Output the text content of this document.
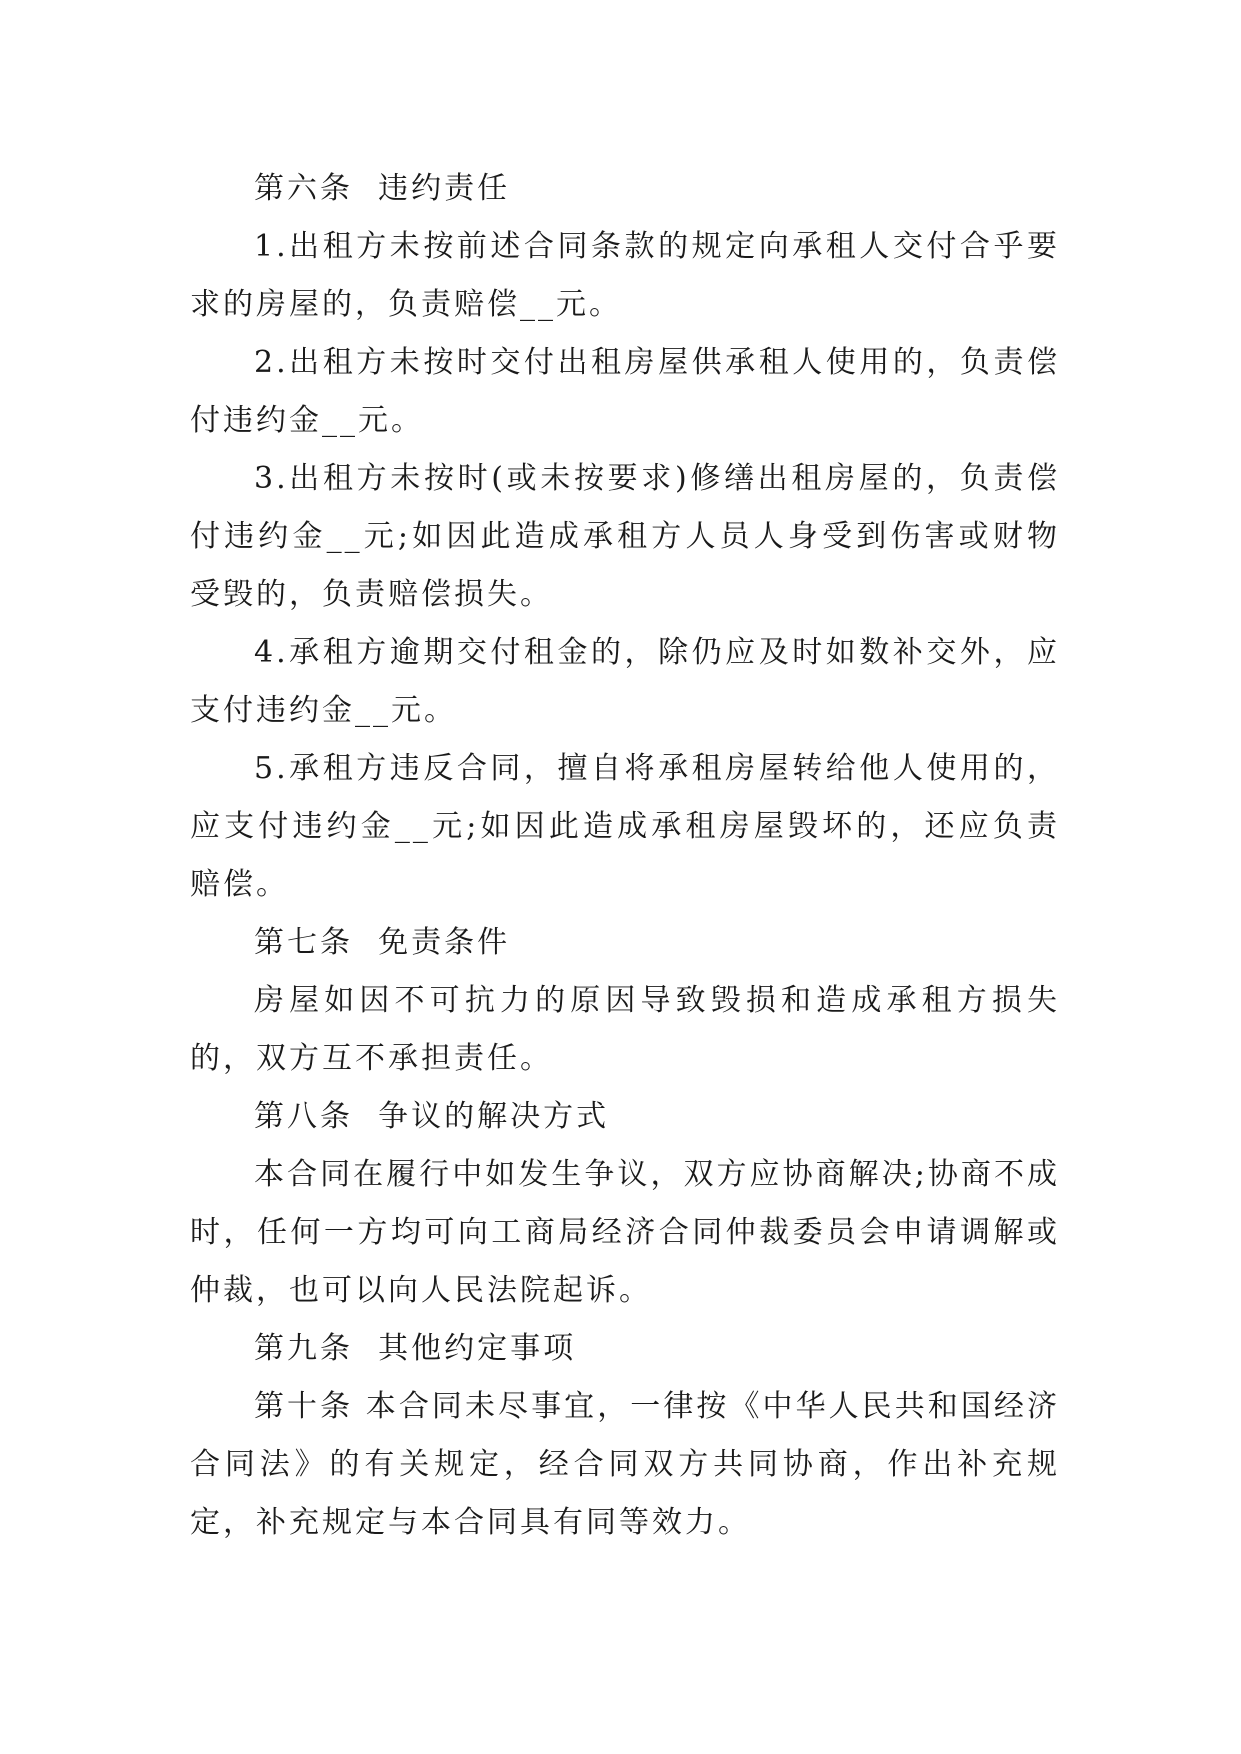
第六条  违约责任

1.出租方未按前述合同条款的规定向承租人交付合乎要求的房屋的，负责赔偿__元。

2.出租方未按时交付出租房屋供承租人使用的，负责偿付违约金__元。

3.出租方未按时(或未按要求)修缮出租房屋的，负责偿付违约金__元;如因此造成承租方人员人身受到伤害或财物受毁的，负责赔偿损失。

4.承租方逾期交付租金的，除仍应及时如数补交外，应支付违约金__元。

5.承租方违反合同，擅自将承租房屋转给他人使用的，应支付违约金__元;如因此造成承租房屋毁坏的，还应负责赔偿。

第七条  免责条件

房屋如因不可抗力的原因导致毁损和造成承租方损失的，双方互不承担责任。

第八条  争议的解决方式

本合同在履行中如发生争议，双方应协商解决;协商不成时，任何一方均可向工商局经济合同仲裁委员会申请调解或仲裁，也可以向人民法院起诉。

第九条  其他约定事项

第十条 本合同未尽事宜，一律按《中华人民共和国经济合同法》的有关规定，经合同双方共同协商，作出补充规定，补充规定与本合同具有同等效力。
